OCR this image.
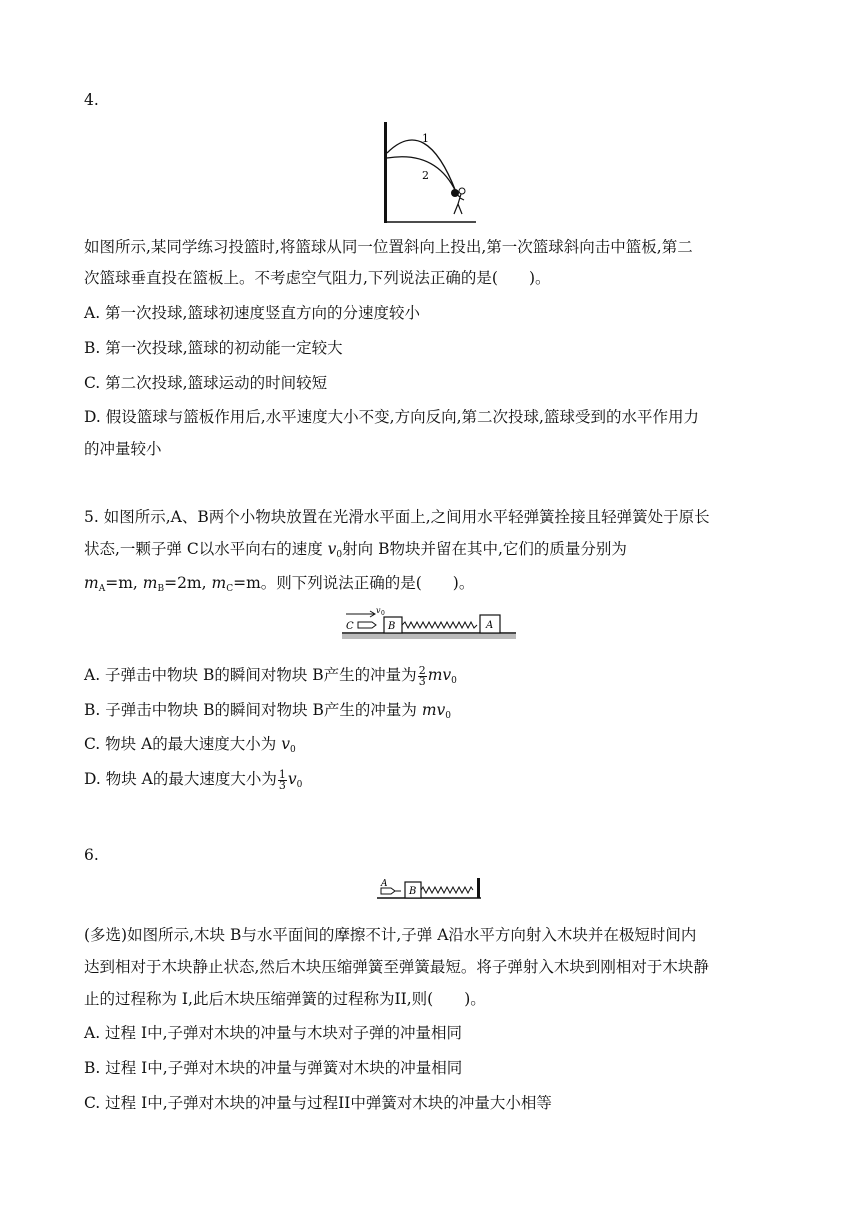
4.
1
2
如图所示,某同学练习投篮时,将篮球从同一位置斜向上投出,第一次篮球斜向击中篮板,第二
次篮球垂直投在篮板上。不考虑空气阻力,下列说法正确的是(　　)。
A. 第一次投球,篮球初速度竖直方向的分速度较小
B. 第一次投球,篮球的初动能一定较大
C. 第二次投球,篮球运动的时间较短
D. 假设篮球与篮板作用后,水平速度大小不变,方向反向,第二次投球,篮球受到的水平作用力
的冲量较小
5. 如图所示,A、B两个小物块放置在光滑水平面上,之间用水平轻弹簧拴接且轻弹簧处于原长
状态,一颗子弹 C以水平向右的速度 $v_0$射向 B物块并留在其中,它们的质量分别为
$m_A=m$, $m_B=2m$, $m_C=m$。则下列说法正确的是(　　)。
v 0
C	B	A
A. 子弹击中物块 B的瞬间对物块 B产生的冲量为 $\frac{2}{3} mv_0$
B. 子弹击中物块 B的瞬间对物块 B产生的冲量为 $mv_0$
C. 物块 A的最大速度大小为 $v_0$
D. 物块 A的最大速度大小为 $\frac{1}{3} v_0$
6.
A
B
(多选)如图所示,木块 B与水平面间的摩擦不计,子弹 A沿水平方向射入木块并在极短时间内
达到相对于木块静止状态,然后木块压缩弹簧至弹簧最短。将子弹射入木块到刚相对于木块静
止的过程称为 I,此后木块压缩弹簧的过程称为II,则(　　)。
A. 过程 I中,子弹对木块的冲量与木块对子弹的冲量相同
B. 过程 I中,子弹对木块的冲量与弹簧对木块的冲量相同
C. 过程 I中,子弹对木块的冲量与过程II中弹簧对木块的冲量大小相等
